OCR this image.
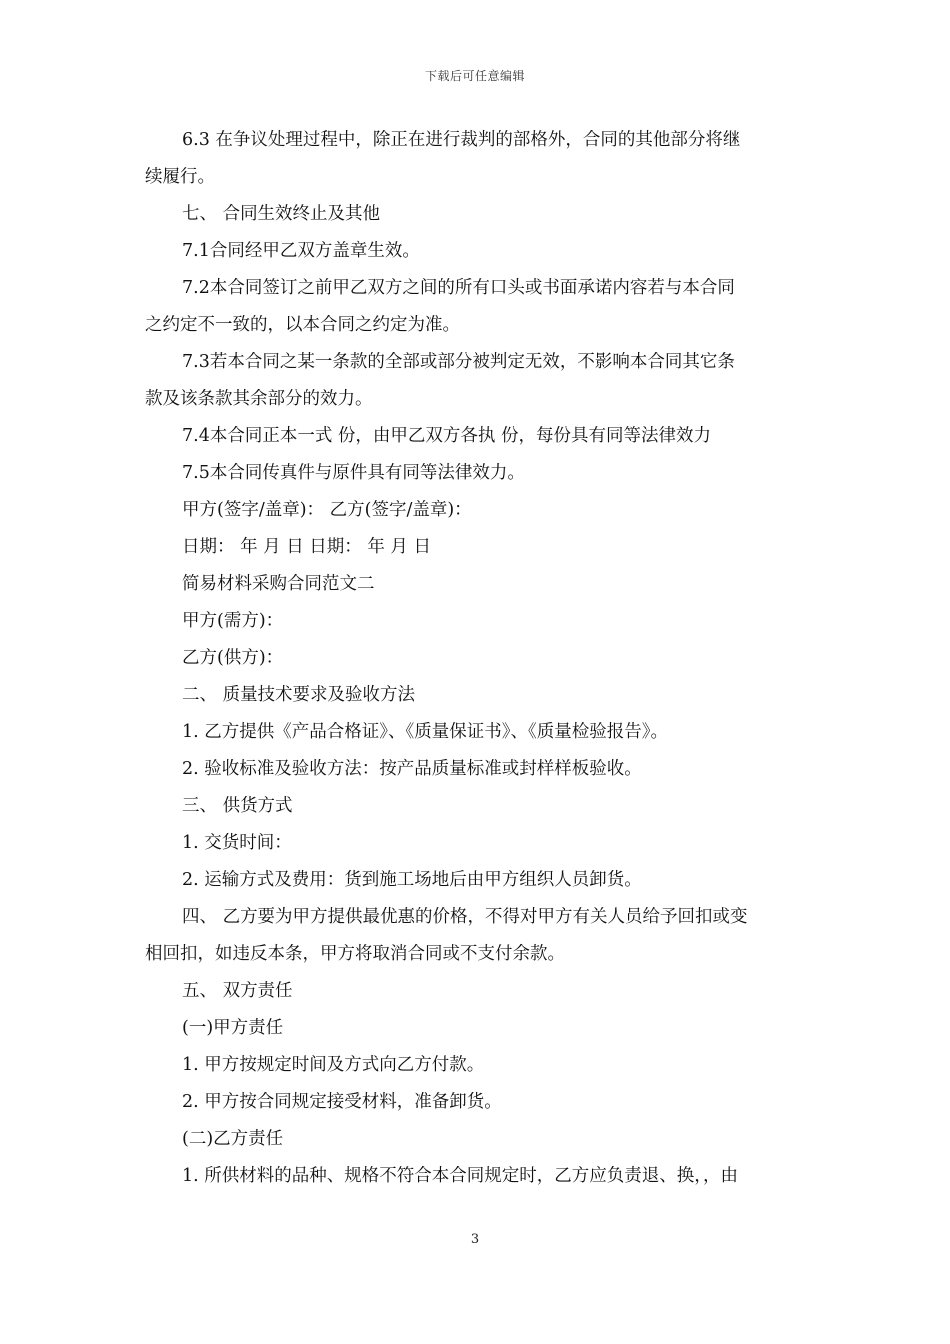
下载后可任意编辑

6.3 在争议处理过程中，除正在进行裁判的部格外，合同的其他部分将继

续履行。

七、 合同生效终止及其他

7.1合同经甲乙双方盖章生效。

7.2本合同签订之前甲乙双方之间的所有口头或书面承诺内容若与本合同

之约定不一致的，以本合同之约定为准。

7.3若本合同之某一条款的全部或部分被判定无效，不影响本合同其它条

款及该条款其余部分的效力。

7.4本合同正本一式 份，由甲乙双方各执 份，每份具有同等法律效力

7.5本合同传真件与原件具有同等法律效力。

甲方(签字/盖章)： 乙方(签字/盖章)：

日期： 年 月 日 日期： 年 月 日

简易材料采购合同范文二

甲方(需方)：

乙方(供方)：

二、 质量技术要求及验收方法

1. 乙方提供《产品合格证》、《质量保证书》、《质量检验报告》。

2. 验收标准及验收方法：按产品质量标准或封样样板验收。

三、 供货方式

1. 交货时间：

2. 运输方式及费用：货到施工场地后由甲方组织人员卸货。

四、 乙方要为甲方提供最优惠的价格，不得对甲方有关人员给予回扣或变

相回扣，如违反本条，甲方将取消合同或不支付余款。

五、 双方责任

(一)甲方责任

1. 甲方按规定时间及方式向乙方付款。

2. 甲方按合同规定接受材料，准备卸货。

(二)乙方责任

1. 所供材料的品种、规格不符合本合同规定时，乙方应负责退、换，，由

3
